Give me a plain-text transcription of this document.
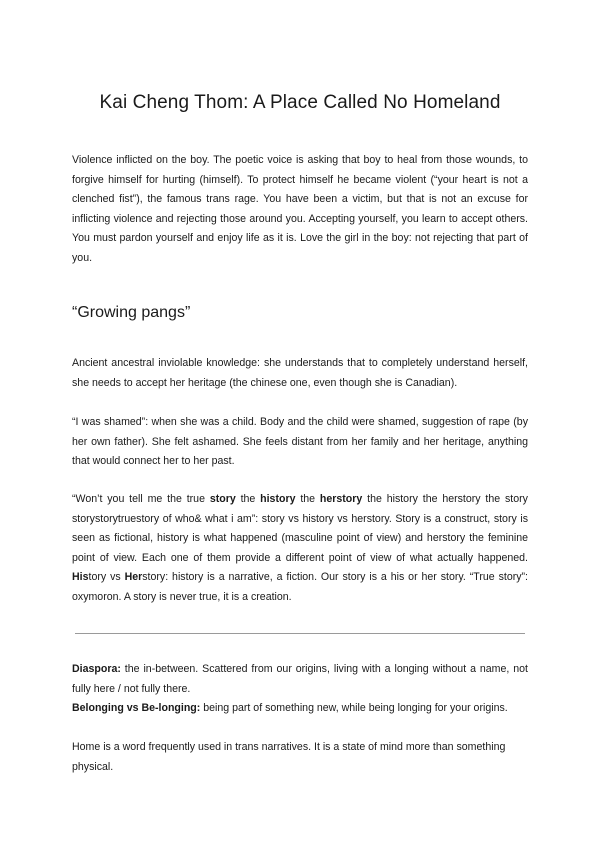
Kai Cheng Thom: A Place Called No Homeland

Violence inflicted on the boy. The poetic voice is asking that boy to heal from those wounds, to forgive himself for hurting (himself). To protect himself he became violent (“your heart is not a clenched fist”), the famous trans rage. You have been a victim, but that is not an excuse for inflicting violence and rejecting those around you. Accepting yourself, you learn to accept others. You must pardon yourself and enjoy life as it is. Love the girl in the boy: not rejecting that part of you.

“Growing pangs”

Ancient ancestral inviolable knowledge: she understands that to completely understand herself, she needs to accept her heritage (the chinese one, even though she is Canadian).

“I was shamed”: when she was a child. Body and the child were shamed, suggestion of rape (by her own father). She felt ashamed. She feels distant from her family and her heritage, anything that would connect her to her past.

“Won’t you tell me the true story the history the herstory the history the herstory the story storystorytruestory of who& what i am”: story vs history vs herstory. Story is a construct, story is seen as fictional, history is what happened (masculine point of view) and herstory the feminine point of view. Each one of them provide a different point of view of what actually happened. History vs Herstory: history is a narrative, a fiction. Our story is a his or her story. “True story”: oxymoron. A story is never true, it is a creation.

Diaspora: the in-between. Scattered from our origins, living with a longing without a name, not fully here / not fully there.

Belonging vs Be-longing: being part of something new, while being longing for your origins.

Home is a word frequently used in trans narratives. It is a state of mind more than something physical.
